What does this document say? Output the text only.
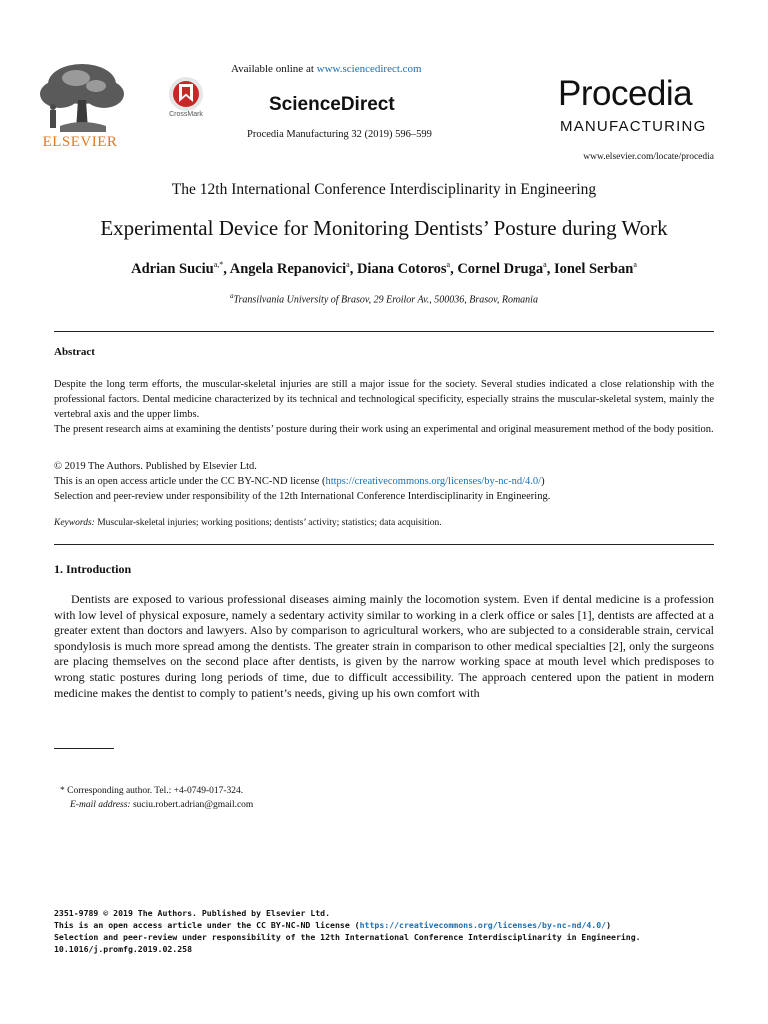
ELSEVIER
CrossMark
Available online at www.sciencedirect.com
ScienceDirect
Procedia Manufacturing 32 (2019) 596–599
Procedia
MANUFACTURING
www.elsevier.com/locate/procedia
The 12th International Conference Interdisciplinarity in Engineering
Experimental Device for Monitoring Dentists’ Posture during Work
Adrian Suciu$^{a,*}$, Angela Repanovici$^a$, Diana Cotoros$^a$, Cornel Druga$^a$, Ionel Serban$^a$
$^a$Transilvania University of Brasov, 29 Eroilor Av., 500036, Brasov, Romania
Abstract
Despite the long term efforts, the muscular-skeletal injuries are still a major issue for the society. Several studies indicated a close relationship with the professional factors. Dental medicine characterized by its technical and technological specificity, especially strains the muscular-skeletal system, mainly the vertebral axis and the upper limbs.
The present research aims at examining the dentists’ posture during their work using an experimental and original measurement method of the body position.
© 2019 The Authors. Published by Elsevier Ltd.
This is an open access article under the CC BY-NC-ND license (https://creativecommons.org/licenses/by-nc-nd/4.0/)
Selection and peer-review under responsibility of the 12th International Conference Interdisciplinarity in Engineering.
Keywords: Muscular-skeletal injuries; working positions; dentists’ activity; statistics; data acquisition.
1. Introduction
Dentists are exposed to various professional diseases aiming mainly the locomotion system. Even if dental medicine is a profession with low level of physical exposure, namely a sedentary activity similar to working in a clerk office or sales [1], dentists are affected at a greater extent than doctors and lawyers. Also by comparison to agricultural workers, who are subjected to a considerable strain, cervical spondylosis is much more spread among the dentists. The greater strain in comparison to other medical specialties [2], only the surgeons are placing themselves on the second place after dentists, is given by the narrow working space at mouth level which predisposes to wrong static postures during long periods of time, due to difficult accessibility. The approach centered upon the patient in modern medicine makes the dentist to comply to patient’s needs, giving up his own comfort with
* Corresponding author. Tel.: +4-0749-017-324.
E-mail address: suciu.robert.adrian@gmail.com
2351-9789 © 2019 The Authors. Published by Elsevier Ltd.
This is an open access article under the CC BY-NC-ND license (https://creativecommons.org/licenses/by-nc-nd/4.0/)
Selection and peer-review under responsibility of the 12th International Conference Interdisciplinarity in Engineering.
10.1016/j.promfg.2019.02.258
